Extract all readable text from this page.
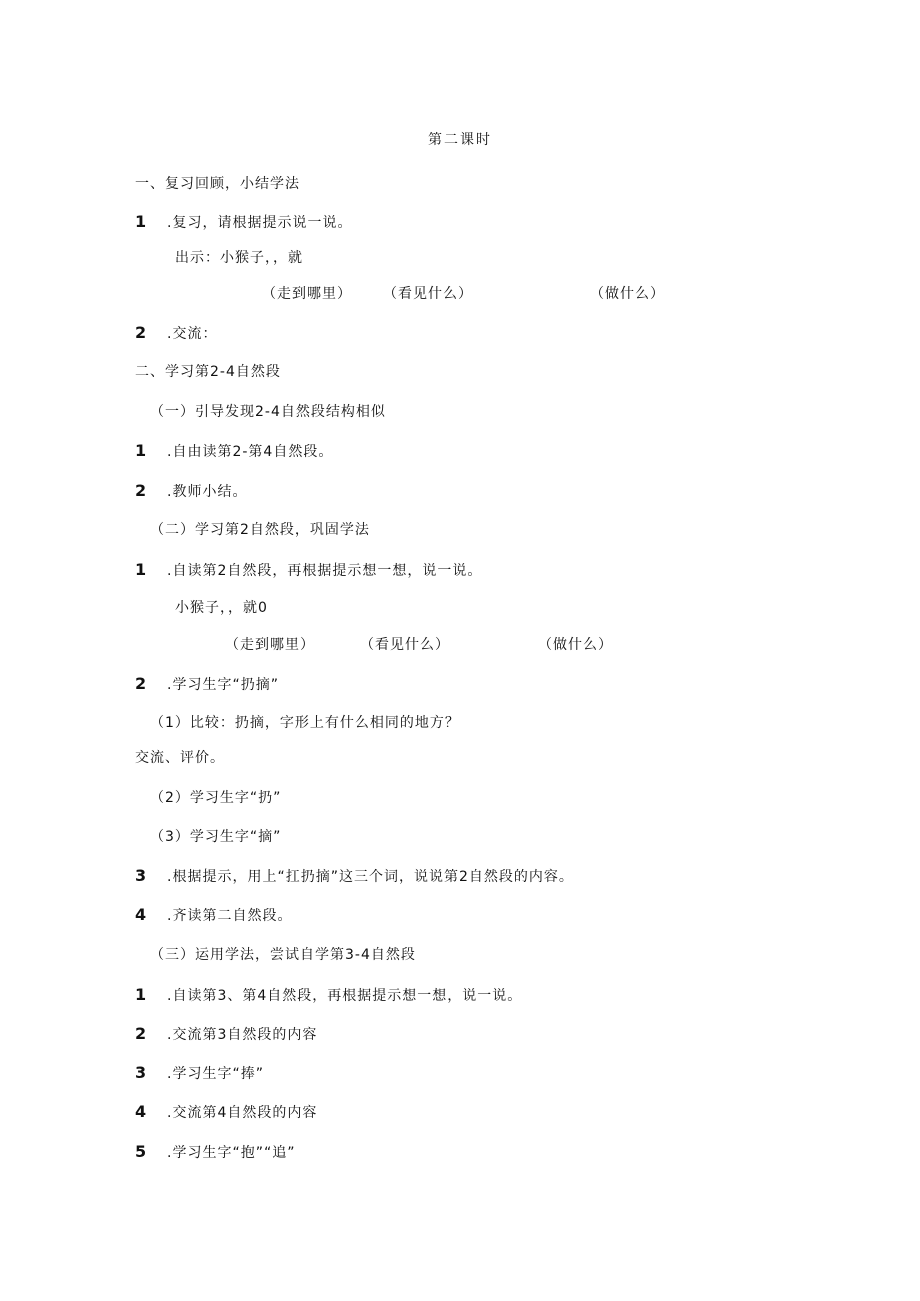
第二课时
一、复习回顾，小结学法
1 .复习，请根据提示说一说。
出示：小猴子，，就
（走到哪里） （看见什么）	（做什么）
2 .交流：
二、学习第2-4自然段
（一）引导发现2-4自然段结构相似
1 .自由读第2-第4自然段。
2 .教师小结。
（二）学习第2自然段，巩固学法
1 .自读第2自然段，再根据提示想一想，说一说。
小猴子，，就0
（走到哪里）	（看见什么）	（做什么）
2 .学习生字“扔摘”
（1）比较：扔摘，字形上有什么相同的地方？
交流、评价。
（2）学习生字“扔”
（3）学习生字“摘”
3 .根据提示，用上“扛扔摘”这三个词，说说第2自然段的内容。
4 .齐读第二自然段。
（三）运用学法，尝试自学第3-4自然段
1 .自读第3、第4自然段，再根据提示想一想，说一说。
2 .交流第3自然段的内容
3 .学习生字“捧”
4 .交流第4自然段的内容
5 .学习生字“抱”“追”
